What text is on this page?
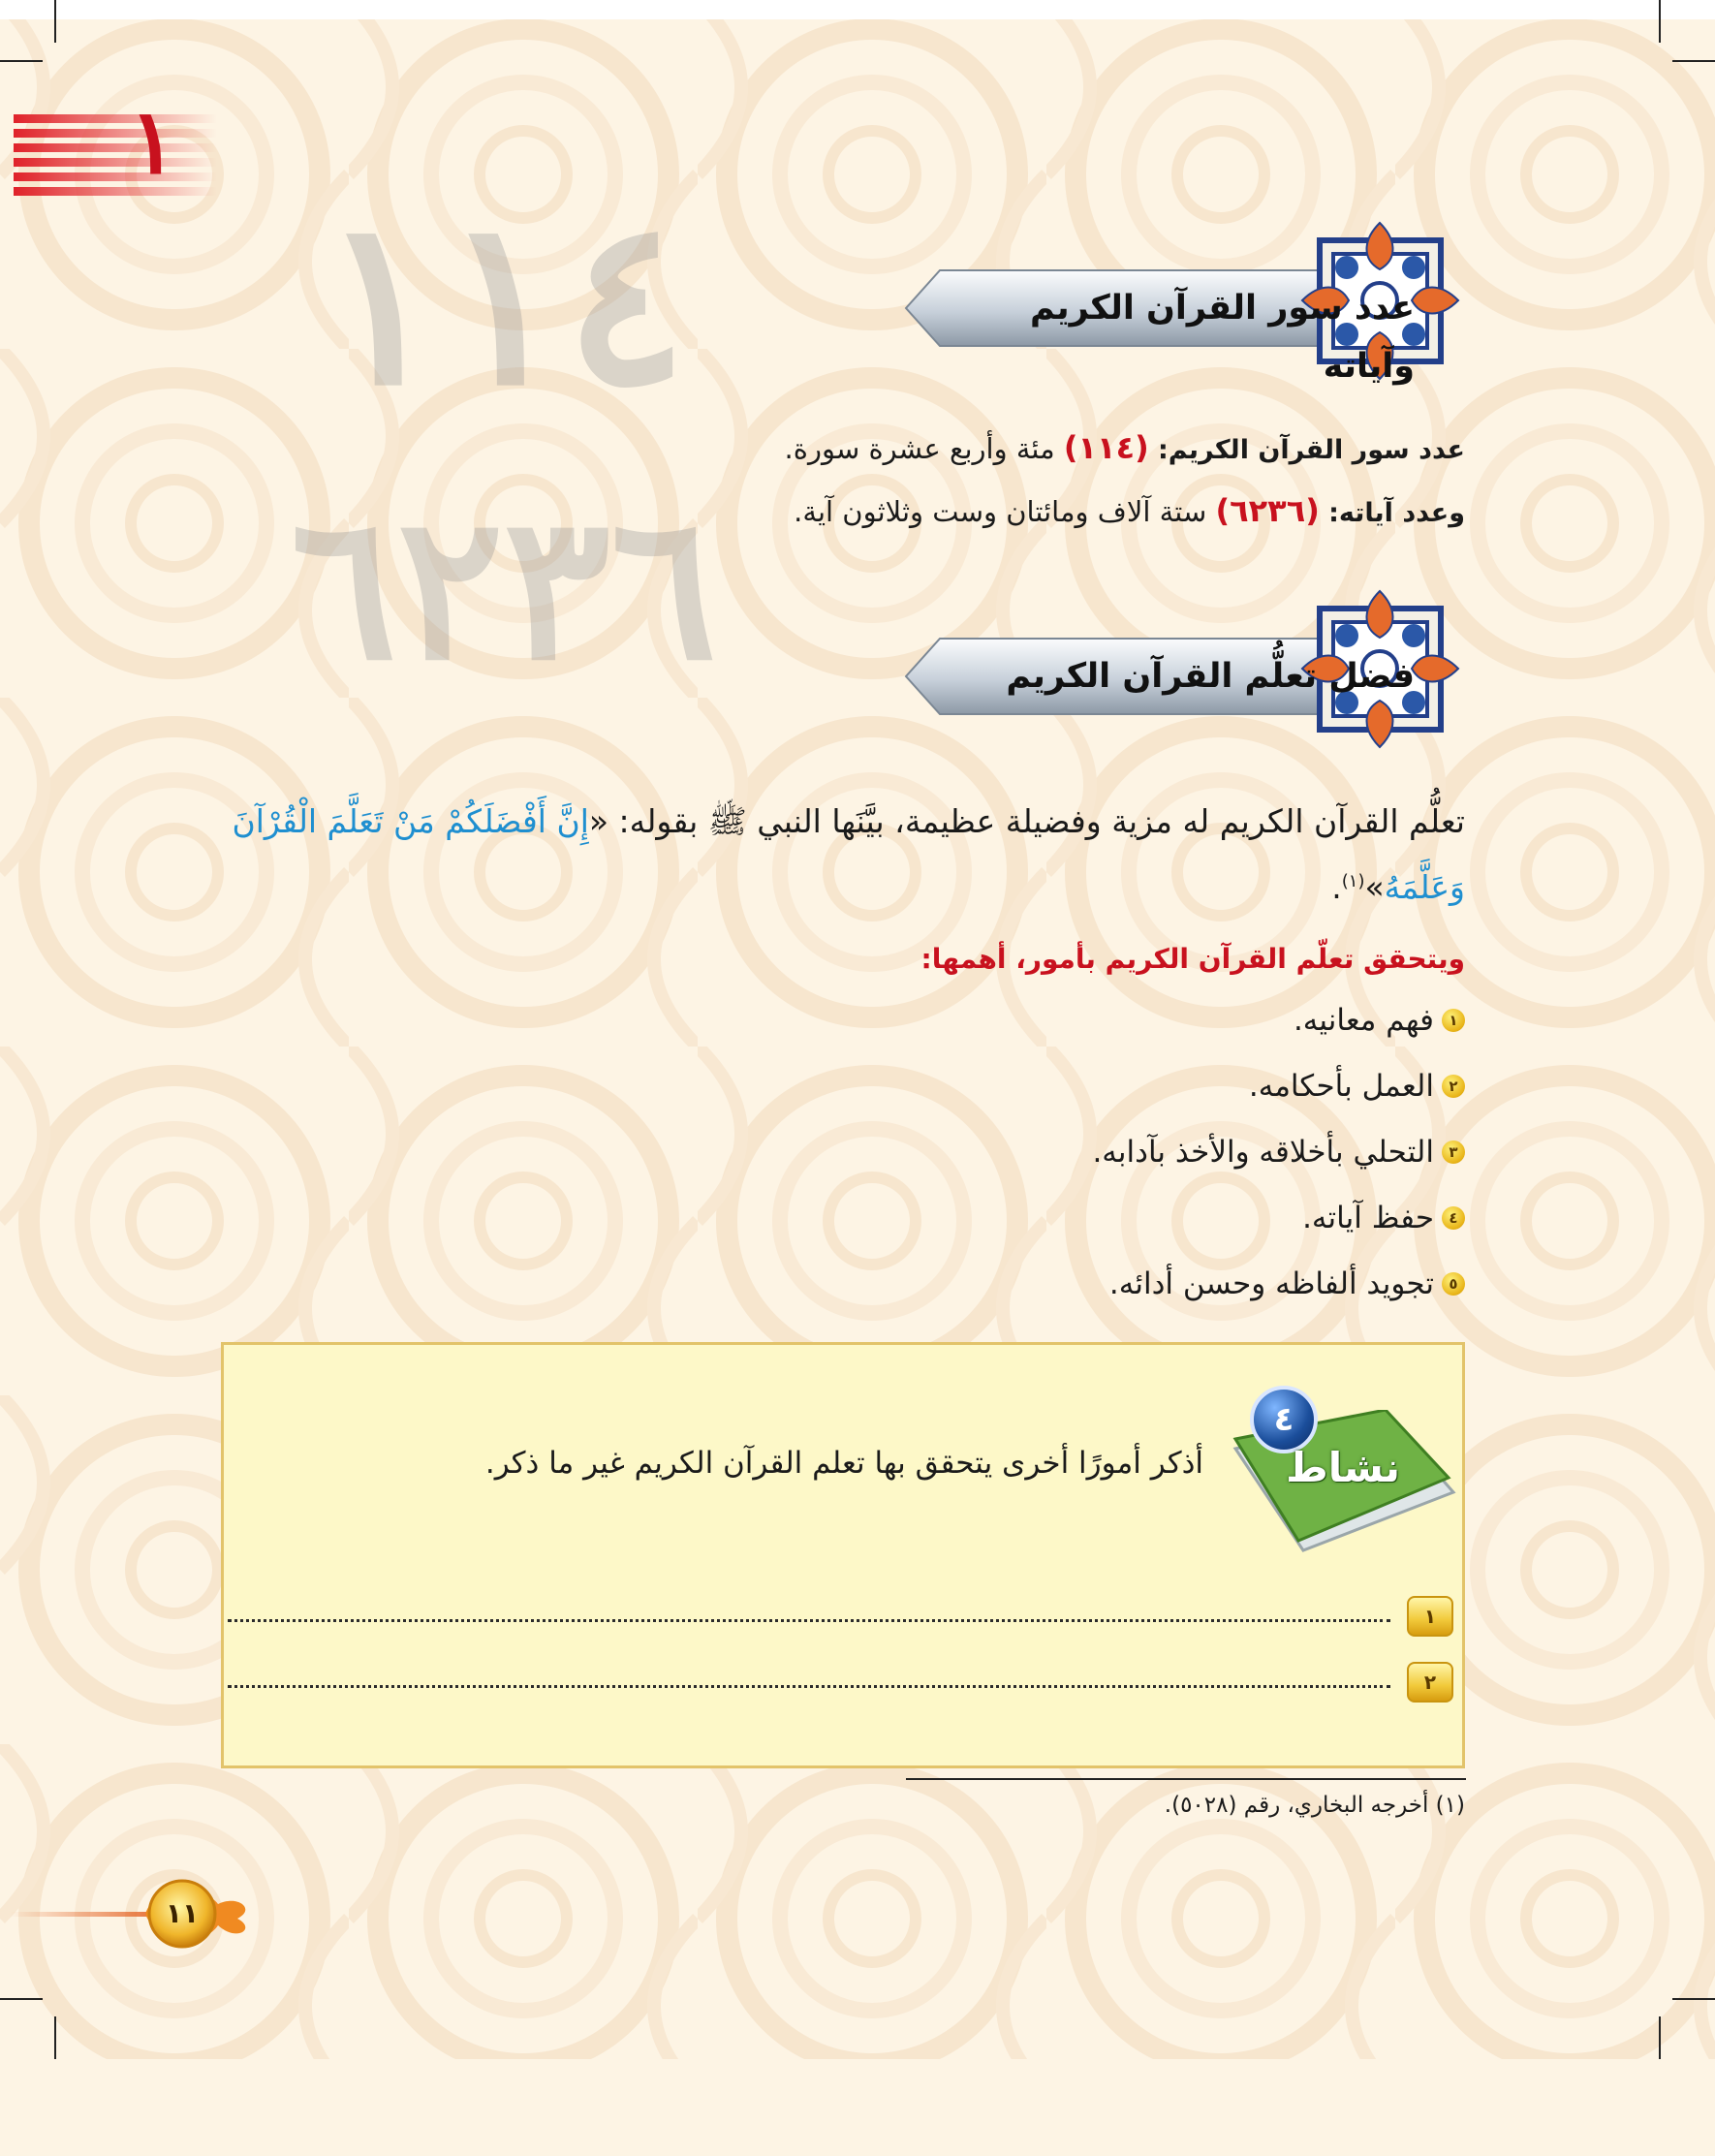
١
١١٤
٦٢٣٦
عدد سور القرآن الكريم وآياته
عدد سور القرآن الكريم: (١١٤) مئة وأربع عشرة سورة.
وعدد آياته: (٦٢٣٦) ستة آلاف ومائتان وست وثلاثون آية.
فضل تعلُّم القرآن الكريم
تعلُّم القرآن الكريم له مزية وفضيلة عظيمة، بيَّنَها النبي ﷺ بقوله: «إِنَّ أَفْضَلَكُمْ مَنْ تَعَلَّمَ الْقُرْآنَ وَعَلَّمَهُ»$^{(١)}$.
ويتحقق تعلّم القرآن الكريم بأمور، أهمها:
١
فهم معانيه.
٢
العمل بأحكامه.
٣
التحلي بأخلاقه والأخذ بآدابه.
٤
حفظ آياته.
٥
تجويد ألفاظه وحسن أدائه.
٤
نشاط
أذكر أمورًا أخرى يتحقق بها تعلم القرآن الكريم غير ما ذكر.
١
٢
(١) أخرجه البخاري، رقم (٥٠٢٨).
١١
